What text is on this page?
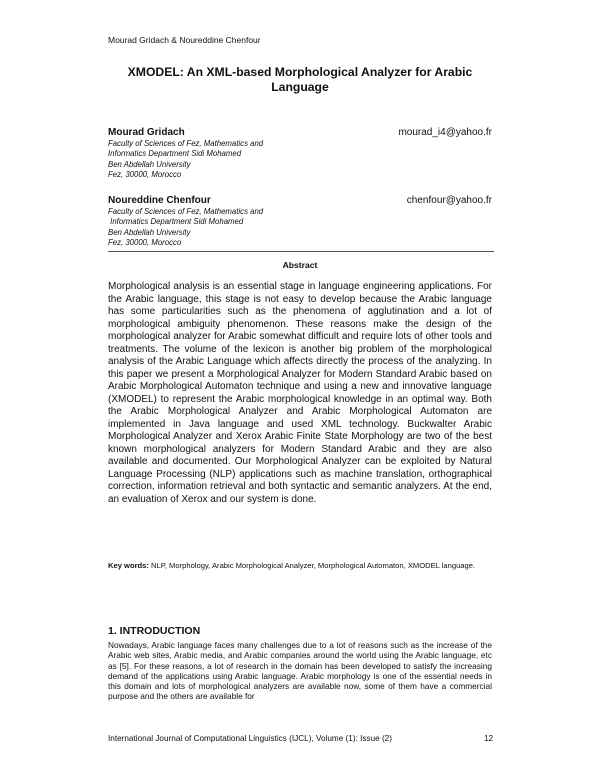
Mourad Gridach & Noureddine Chenfour
XMODEL: An XML-based Morphological Analyzer for Arabic Language
Mourad Gridach	mourad_i4@yahoo.fr
Faculty of Sciences of Fez, Mathematics and
Informatics Department Sidi Mohamed
Ben Abdellah University
Fez, 30000, Morocco
Noureddine Chenfour	chenfour@yahoo.fr
Faculty of Sciences of Fez, Mathematics and
Informatics Department Sidi Mohamed
Ben Abdellah University
Fez, 30000, Morocco
Abstract

Morphological analysis is an essential stage in language engineering applications. For the Arabic language, this stage is not easy to develop because the Arabic language has some particularities such as the phenomena of agglutination and a lot of morphological ambiguity phenomenon. These reasons make the design of the morphological analyzer for Arabic somewhat difficult and require lots of other tools and treatments. The volume of the lexicon is another big problem of the morphological analysis of the Arabic Language which affects directly the process of the analyzing. In this paper we present a Morphological Analyzer for Modern Standard Arabic based on Arabic Morphological Automaton technique and using a new and innovative language (XMODEL) to represent the Arabic morphological knowledge in an optimal way. Both the Arabic Morphological Analyzer and Arabic Morphological Automaton are implemented in Java language and used XML technology. Buckwalter Arabic Morphological Analyzer and Xerox Arabic Finite State Morphology are two of the best known morphological analyzers for Modern Standard Arabic and they are also available and documented. Our Morphological Analyzer can be exploited by Natural Language Processing (NLP) applications such as machine translation, orthographical correction, information retrieval and both syntactic and semantic analyzers. At the end, an evaluation of Xerox and our system is done.

Key words: NLP, Morphology, Arabic Morphological Analyzer, Morphological Automaton, XMODEL language.

1. INTRODUCTION

Nowadays, Arabic language faces many challenges due to a lot of reasons such as the increase of the Arabic web sites, Arabic media, and Arabic companies around the world using the Arabic language, etc as [5]. For these reasons, a lot of research in the domain has been developed to satisfy the increasing demand of the applications using Arabic language. Arabic morphology is one of the essential needs in this domain and lots of morphological analyzers are available now, some of them have a commercial purpose and the others are available for

International Journal of Computational Linguistics (IJCL), Volume (1): Issue (2)	12
